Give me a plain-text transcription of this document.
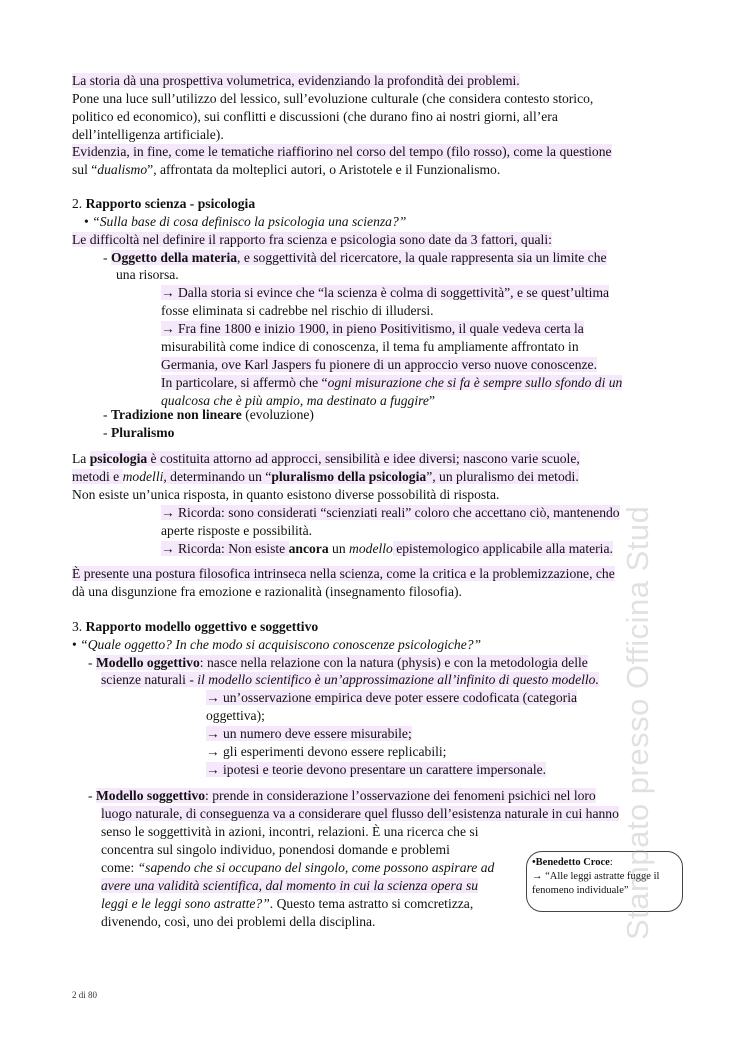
La storia dà una prospettiva volumetrica, evidenziando la profondità dei problemi.
Pone una luce sull’utilizzo del lessico, sull’evoluzione culturale (che considera contesto storico,
politico ed economico), sui conflitti e discussioni (che durano fino ai nostri giorni, all’era
dell’intelligenza artificiale).
Evidenzia, in fine, come le tematiche riaffiorino nel corso del tempo (filo rosso), come la questione
sul “dualismo”, affrontata da molteplici autori, o Aristotele e il Funzionalismo.
2. Rapporto scienza - psicologia
• “Sulla base di cosa definisco la psicologia una scienza?”
Le difficoltà nel definire il rapporto fra scienza e psicologia sono date da 3 fattori, quali:
- Oggetto della materia, e soggettività del ricercatore, la quale rappresenta sia un limite che
una risorsa.
→ Dalla storia si evince che “la scienza è colma di soggettività”, e se quest’ultima
fosse eliminata si cadrebbe nel rischio di illudersi.
→ Fra fine 1800 e inizio 1900, in pieno Positivitismo, il quale vedeva certa la
misurabilità come indice di conoscenza, il tema fu ampliamente affrontato in
Germania, ove Karl Jaspers fu pionere di un approccio verso nuove conoscenze.
In particolare, si affermò che “ogni misurazione che si fa è sempre sullo sfondo di un
qualcosa che è più ampio, ma destinato a fuggire”
- Tradizione non lineare (evoluzione)
- Pluralismo
La psicologia è costituita attorno ad approcci, sensibilità e idee diversi; nascono varie scuole,
metodi e modelli, determinando un “pluralismo della psicologia”, un pluralismo dei metodi.
Non esiste un’unica risposta, in quanto esistono diverse possobilità di risposta.
→ Ricorda: sono considerati “scienziati reali” coloro che accettano ciò, mantenendo
aperte risposte e possibilità.
→ Ricorda: Non esiste ancora un modello epistemologico applicabile alla materia.
È presente una postura filosofica intrinseca nella scienza, come la critica e la problemizzazione, che
dà una disgunzione fra emozione e razionalità (insegnamento filosofia).
3. Rapporto modello oggettivo e soggettivo
• “Quale oggetto? In che modo si acquisiscono conoscenze psicologiche?”
- Modello oggettivo: nasce nella relazione con la natura (physis) e con la metodologia delle
scienze naturali - il modello scientifico è un’approssimazione all’infinito di questo modello.
→ un’osservazione empirica deve poter essere codoficata (categoria
oggettiva);
→ un numero deve essere misurabile;
→ gli esperimenti devono essere replicabili;
→ ipotesi e teorie devono presentare un carattere impersonale.
- Modello soggettivo: prende in considerazione l’osservazione dei fenomeni psichici nel loro
luogo naturale, di conseguenza va a considerare quel flusso dell’esistenza naturale in cui hanno
senso le soggettività in azioni, incontri, relazioni. È una ricerca che si
concentra sul singolo individuo, ponendosi domande e problemi
come: “sapendo che si occupano del singolo, come possono aspirare ad
avere una validità scientifica, dal momento in cui la scienza opera su
leggi e le leggi sono astratte?”. Questo tema astratto si comcretizza,
divenendo, così, uno dei problemi della disciplina.
•Benedetto Croce:
→ “Alle leggi astratte fugge il
fenomeno individuale”
Stampato presso Officina Stud
2 di 80
